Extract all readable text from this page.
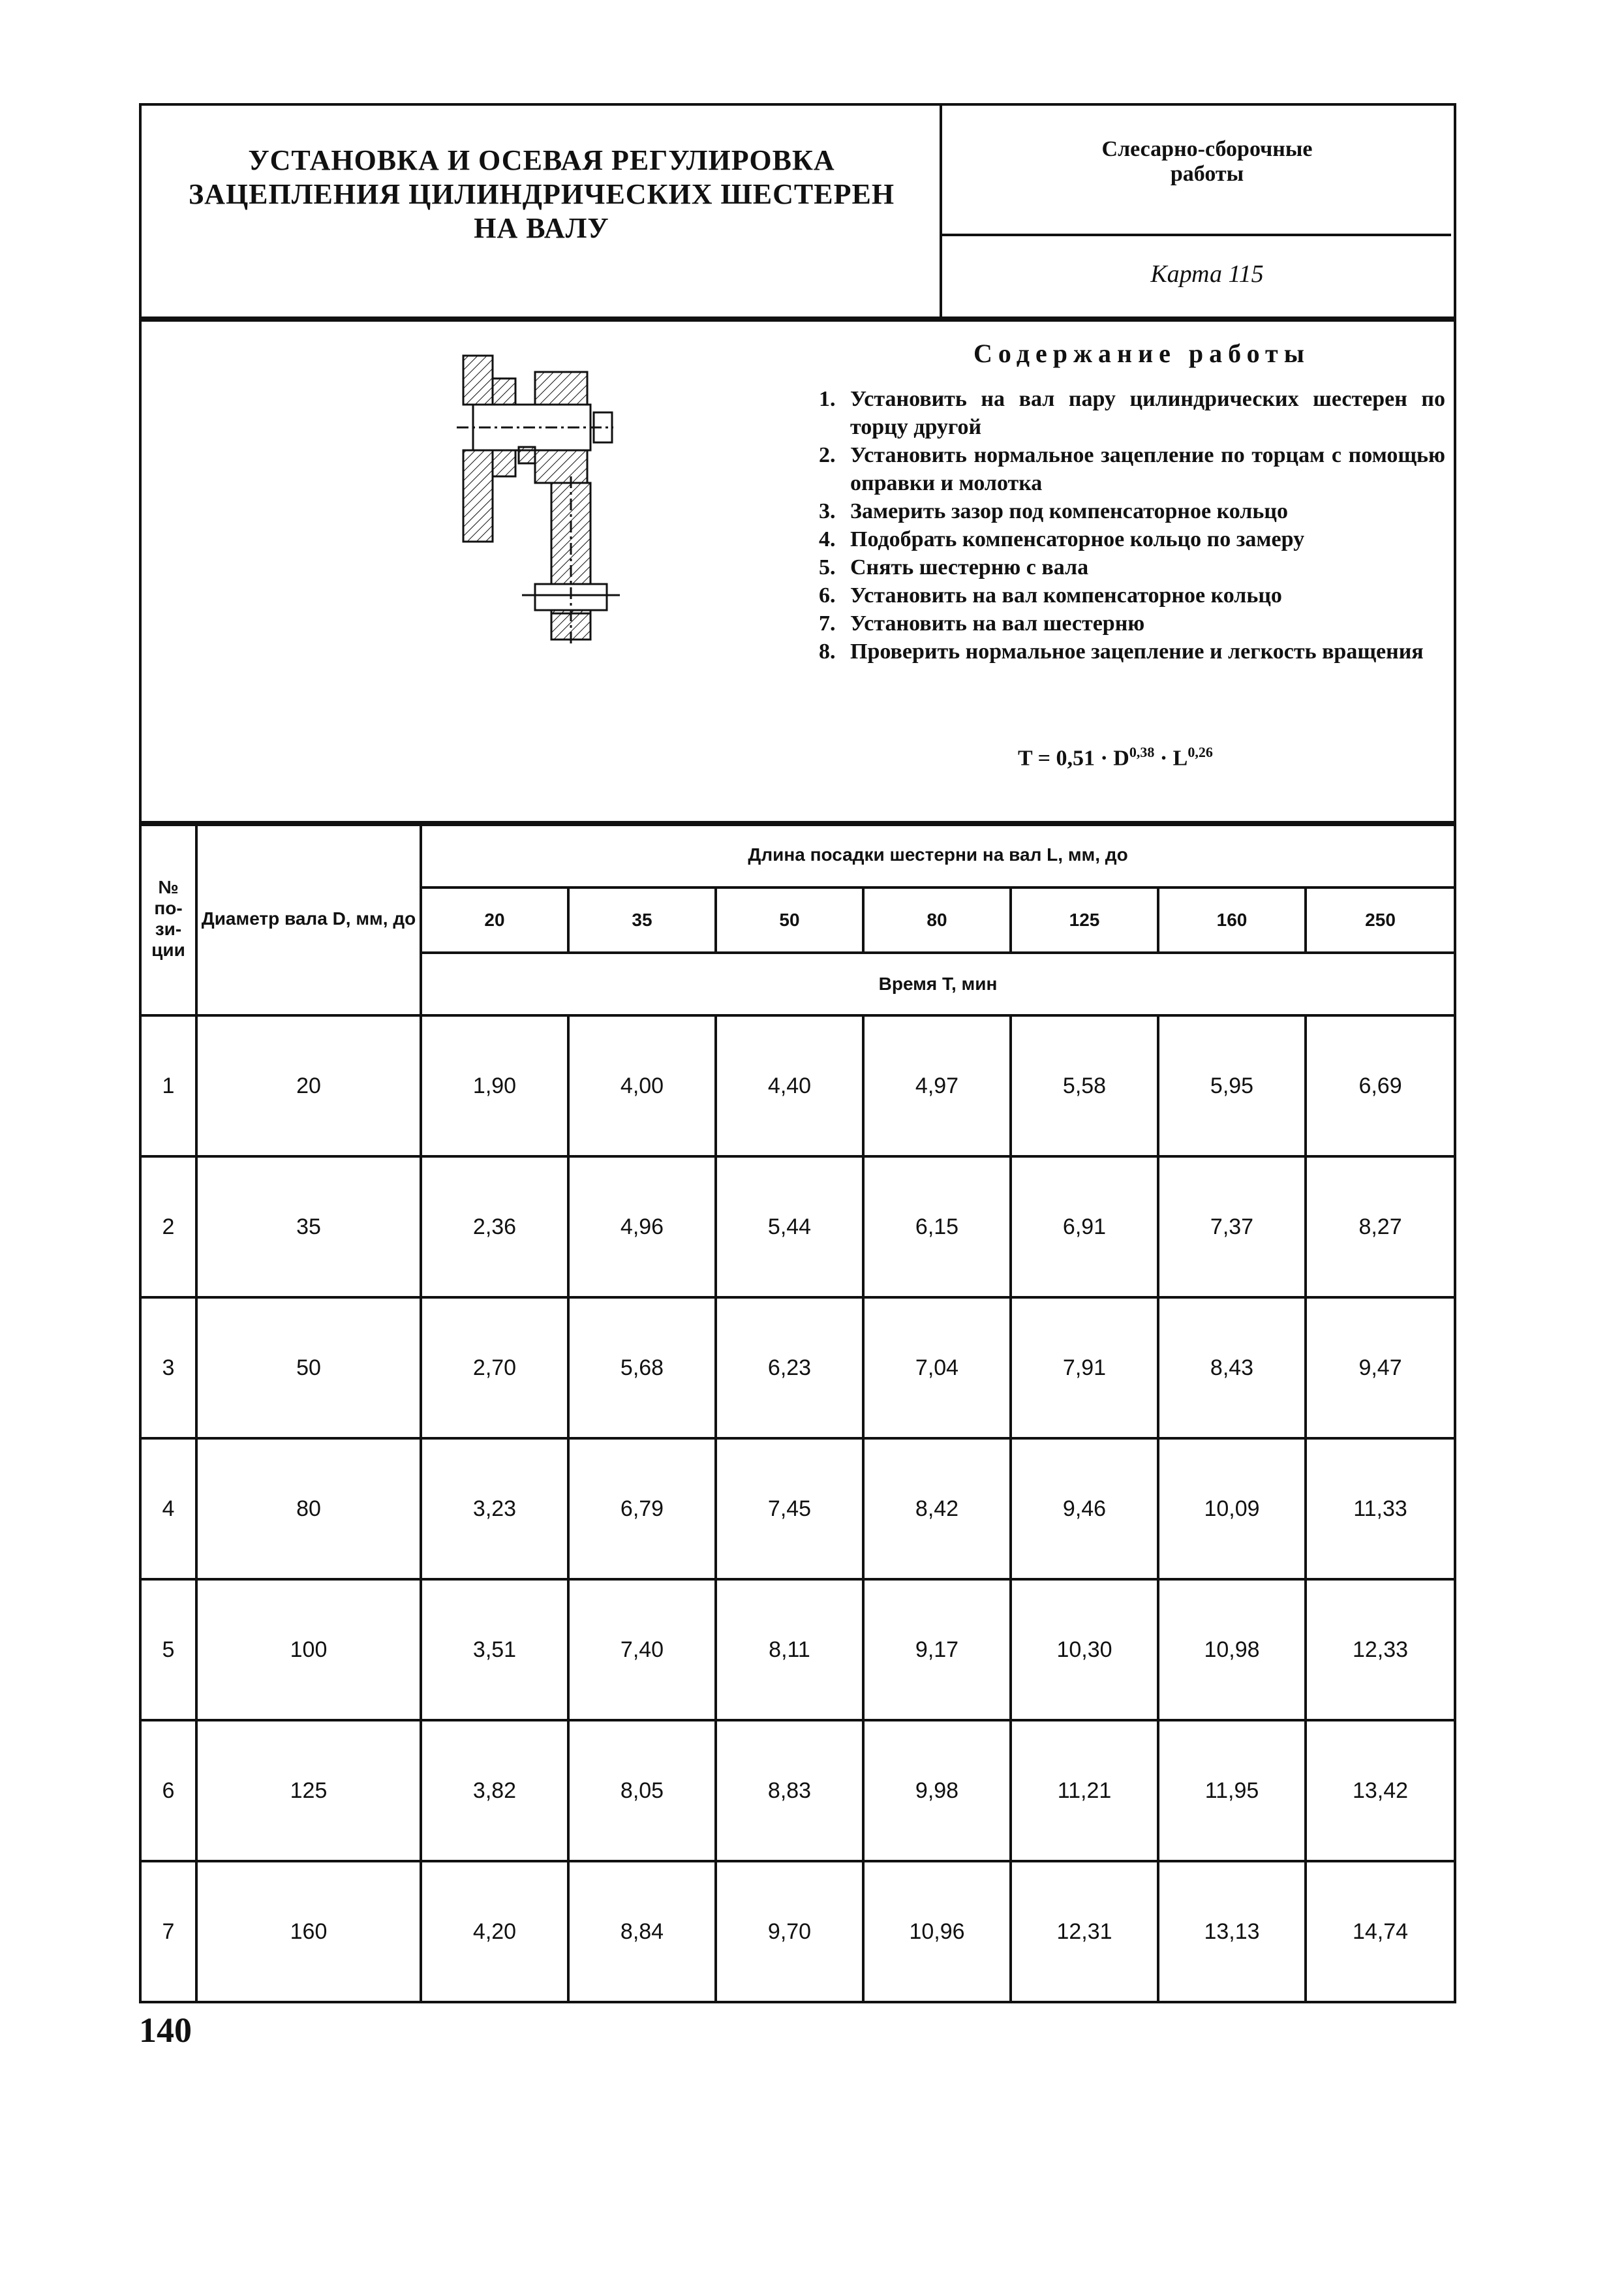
УСТАНОВКА И ОСЕВАЯ РЕГУЛИРОВКА
ЗАЦЕПЛЕНИЯ ЦИЛИНДРИЧЕСКИХ ШЕСТЕРЕН
НА ВАЛУ
Слесарно-сборочные
работы
Карта 115
Содержание работы
1. Установить на вал пару цилиндрических шестерен по торцу другой
2. Установить нормальное зацепление по торцам с помощью оправки и молотка
3. Замерить зазор под компенсаторное кольцо
4. Подобрать компенсаторное кольцо по замеру
5. Снять шестерню с вала
6. Установить на вал компенсаторное кольцо
7. Установить на вал шестерню
8. Проверить нормальное зацепление и легкость вращения
T = 0,51 · D$^{0,38}$ · L$^{0,26}$
№ по-зи-ции	Диаметр вала D, мм, до	Длина посадки шестерни на вал L, мм, до						
		20	35	50	80	125	160	250
		Время T, мин						
1	20	1,90	4,00	4,40	4,97	5,58	5,95	6,69
2	35	2,36	4,96	5,44	6,15	6,91	7,37	8,27
3	50	2,70	5,68	6,23	7,04	7,91	8,43	9,47
4	80	3,23	6,79	7,45	8,42	9,46	10,09	11,33
5	100	3,51	7,40	8,11	9,17	10,30	10,98	12,33
6	125	3,82	8,05	8,83	9,98	11,21	11,95	13,42
7	160	4,20	8,84	9,70	10,96	12,31	13,13	14,74
140
